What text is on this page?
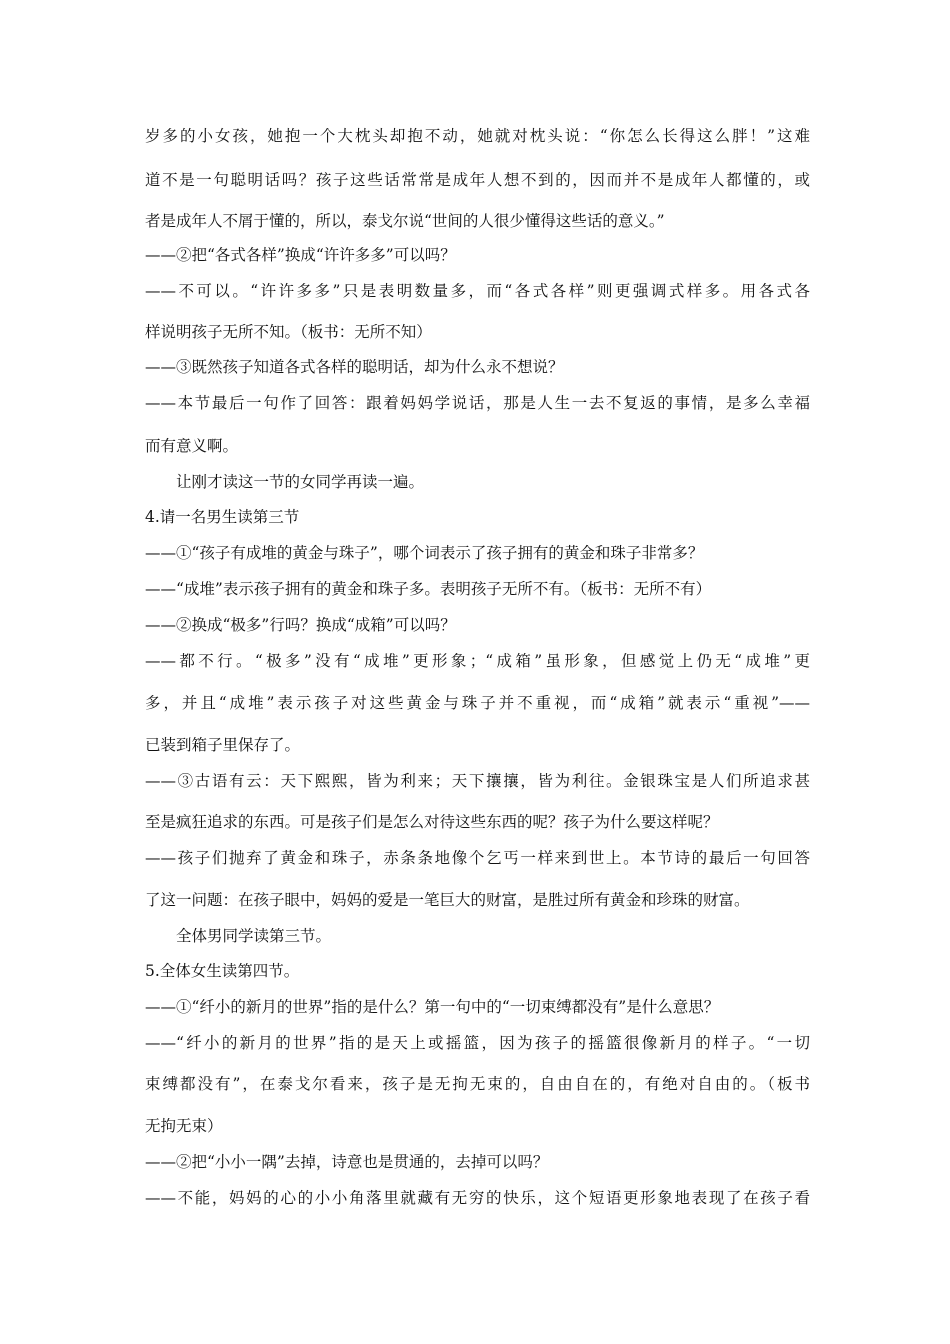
岁多的小女孩，她抱一个大枕头却抱不动，她就对枕头说：“你怎么长得这么胖！”这难
道不是一句聪明话吗？孩子这些话常常是成年人想不到的，因而并不是成年人都懂的，或
者是成年人不屑于懂的，所以，泰戈尔说“世间的人很少懂得这些话的意义。”
——②把“各式各样”换成“许许多多”可以吗？
——不可以。“许许多多”只是表明数量多，而“各式各样”则更强调式样多。用各式各
样说明孩子无所不知。（板书：无所不知）
——③既然孩子知道各式各样的聪明话，却为什么永不想说？
——本节最后一句作了回答：跟着妈妈学说话，那是人生一去不复返的事情，是多么幸福
而有意义啊。
让刚才读这一节的女同学再读一遍。
4.请一名男生读第三节
——①“孩子有成堆的黄金与珠子”，哪个词表示了孩子拥有的黄金和珠子非常多？
——“成堆”表示孩子拥有的黄金和珠子多。表明孩子无所不有。（板书：无所不有）
——②换成“极多”行吗？换成“成箱”可以吗？
——都不行。“极多”没有“成堆”更形象；“成箱”虽形象，但感觉上仍无“成堆”更
多，并且“成堆”表示孩子对这些黄金与珠子并不重视，而“成箱”就表示“重视”——
已装到箱子里保存了。
——③古语有云：天下熙熙，皆为利来；天下攘攘，皆为利往。金银珠宝是人们所追求甚
至是疯狂追求的东西。可是孩子们是怎么对待这些东西的呢？孩子为什么要这样呢？
——孩子们抛弃了黄金和珠子，赤条条地像个乞丐一样来到世上。本节诗的最后一句回答
了这一问题：在孩子眼中，妈妈的爱是一笔巨大的财富，是胜过所有黄金和珍珠的财富。
全体男同学读第三节。
5.全体女生读第四节。
——①“纤小的新月的世界”指的是什么？第一句中的“一切束缚都没有”是什么意思？
——“纤小的新月的世界”指的是天上或摇篮，因为孩子的摇篮很像新月的样子。“一切
束缚都没有”，在泰戈尔看来，孩子是无拘无束的，自由自在的，有绝对自由的。（板书
无拘无束）
——②把“小小一隅”去掉，诗意也是贯通的，去掉可以吗？
——不能，妈妈的心的小小角落里就藏有无穷的快乐，这个短语更形象地表现了在孩子看
